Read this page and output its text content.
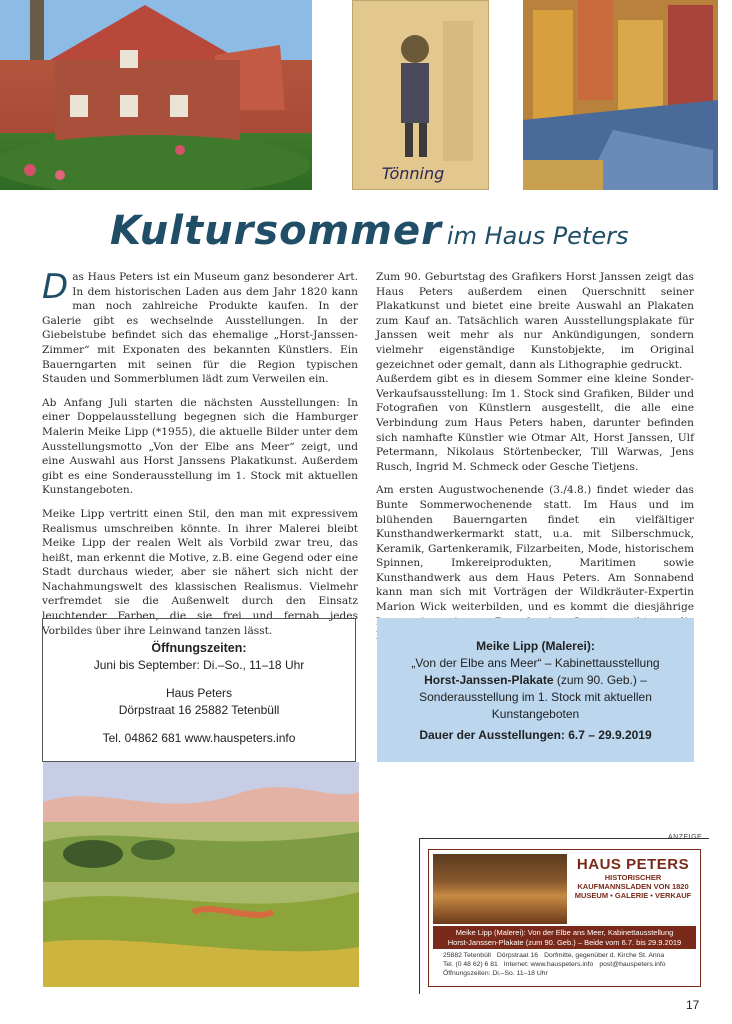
Tönning
Kultursommer im Haus Peters

Das Haus Peters ist ein Museum ganz besonderer Art. In dem historischen Laden aus dem Jahr 1820 kann man noch zahlreiche Produkte kaufen. In der Galerie gibt es wechselnde Ausstellungen. In der Giebelstube befindet sich das ehemalige „Horst-Janssen-Zimmer“ mit Exponaten des bekannten Künstlers. Ein Bauerngarten mit seinen für die Region typischen Stauden und Sommerblumen lädt zum Verweilen ein.

Ab Anfang Juli starten die nächsten Ausstellungen: In einer Doppelausstellung begegnen sich die Hamburger Malerin Meike Lipp (*1955), die aktuelle Bilder unter dem Ausstellungsmotto „Von der Elbe ans Meer“ zeigt, und eine Auswahl aus Horst Janssens Plakatkunst. Außerdem gibt es eine Sonderausstellung im 1. Stock mit aktuellen Kunstangeboten.

Meike Lipp vertritt einen Stil, den man mit expressivem Realismus umschreiben könnte. In ihrer Malerei bleibt Meike Lipp der realen Welt als Vorbild zwar treu, das heißt, man erkennt die Motive, z.B. eine Gegend oder eine Stadt durchaus wieder, aber sie nähert sich nicht der Nachahmungswelt des klassischen Realismus. Vielmehr verfremdet sie die Außenwelt durch den Einsatz leuchtender Farben, die sie frei und fernab jedes Vorbildes über ihre Leinwand tanzen lässt.

Zum 90. Geburtstag des Grafikers Horst Janssen zeigt das Haus Peters außerdem einen Querschnitt seiner Plakatkunst und bietet eine breite Auswahl an Plakaten zum Kauf an. Tatsächlich waren Ausstellungsplakate für Janssen weit mehr als nur Ankündigungen, sondern vielmehr eigenständige Kunstobjekte, im Original gezeichnet oder gemalt, dann als Lithographie gedruckt.

Außerdem gibt es in diesem Sommer eine kleine Sonder-Verkaufsausstellung: Im 1. Stock sind Grafiken, Bilder und Fotografien von Künstlern ausgestellt, die alle eine Verbindung zum Haus Peters haben, darunter befinden sich namhafte Künstler wie Otmar Alt, Horst Janssen, Ulf Petermann, Nikolaus Störtenbecker, Till Warwas, Jens Rusch, Ingrid M. Schmeck oder Gesche Tietjens.

Am ersten Augustwochenende (3./4.8.) findet wieder das Bunte Sommerwochenende statt. Im Haus und im blühenden Bauerngarten findet ein vielfältiger Kunsthandwerkermarkt statt, u.a. mit Silberschmuck, Keramik, Gartenkeramik, Filzarbeiten, Mode, historischem Spinnen, Imkereiprodukten, Maritimen sowie Kunsthandwerk aus dem Haus Peters. Am Sonnabend kann man sich mit Vorträgen der Wildkräuter-Expertin Marion Wick weiterbilden, und es kommt die diesjährige

Öffnungszeiten:
Juni bis September: Di.–So., 11–18 Uhr
Haus Peters
Dörpstraat 16 25882 Tetenbüll
Tel. 04862 681 www.hauspeters.info
Meike Lipp (Malerei):
„Von der Elbe ans Meer“ – Kabinettausstellung
Horst-Janssen-Plakate (zum 90. Geb.) –
Sonderausstellung im 1. Stock mit aktuellen
Kunstangeboten
Dauer der Ausstellungen: 6.7 – 29.9.2019
ANZEIGE
HAUS PETERS
HISTORISCHER
KAUFMANNSLADEN VON 1820
MUSEUM • GALERIE • VERKAUF
Meike Lipp (Malerei): Von der Elbe ans Meer, Kabinettausstellung
Horst-Janssen-Plakate (zum 90. Geb.) – Beide vom 6.7. bis 29.9.2019
25882 Tetenbüll Dörpstraat 16 Dorfmitte, gegenüber d. Kirche St. Anna
Tel. (0 48 62) 6 81 Internet: www.hauspeters.info post@hauspeters.info
Öffnungszeiten: Di.–So. 11–18 Uhr
17
